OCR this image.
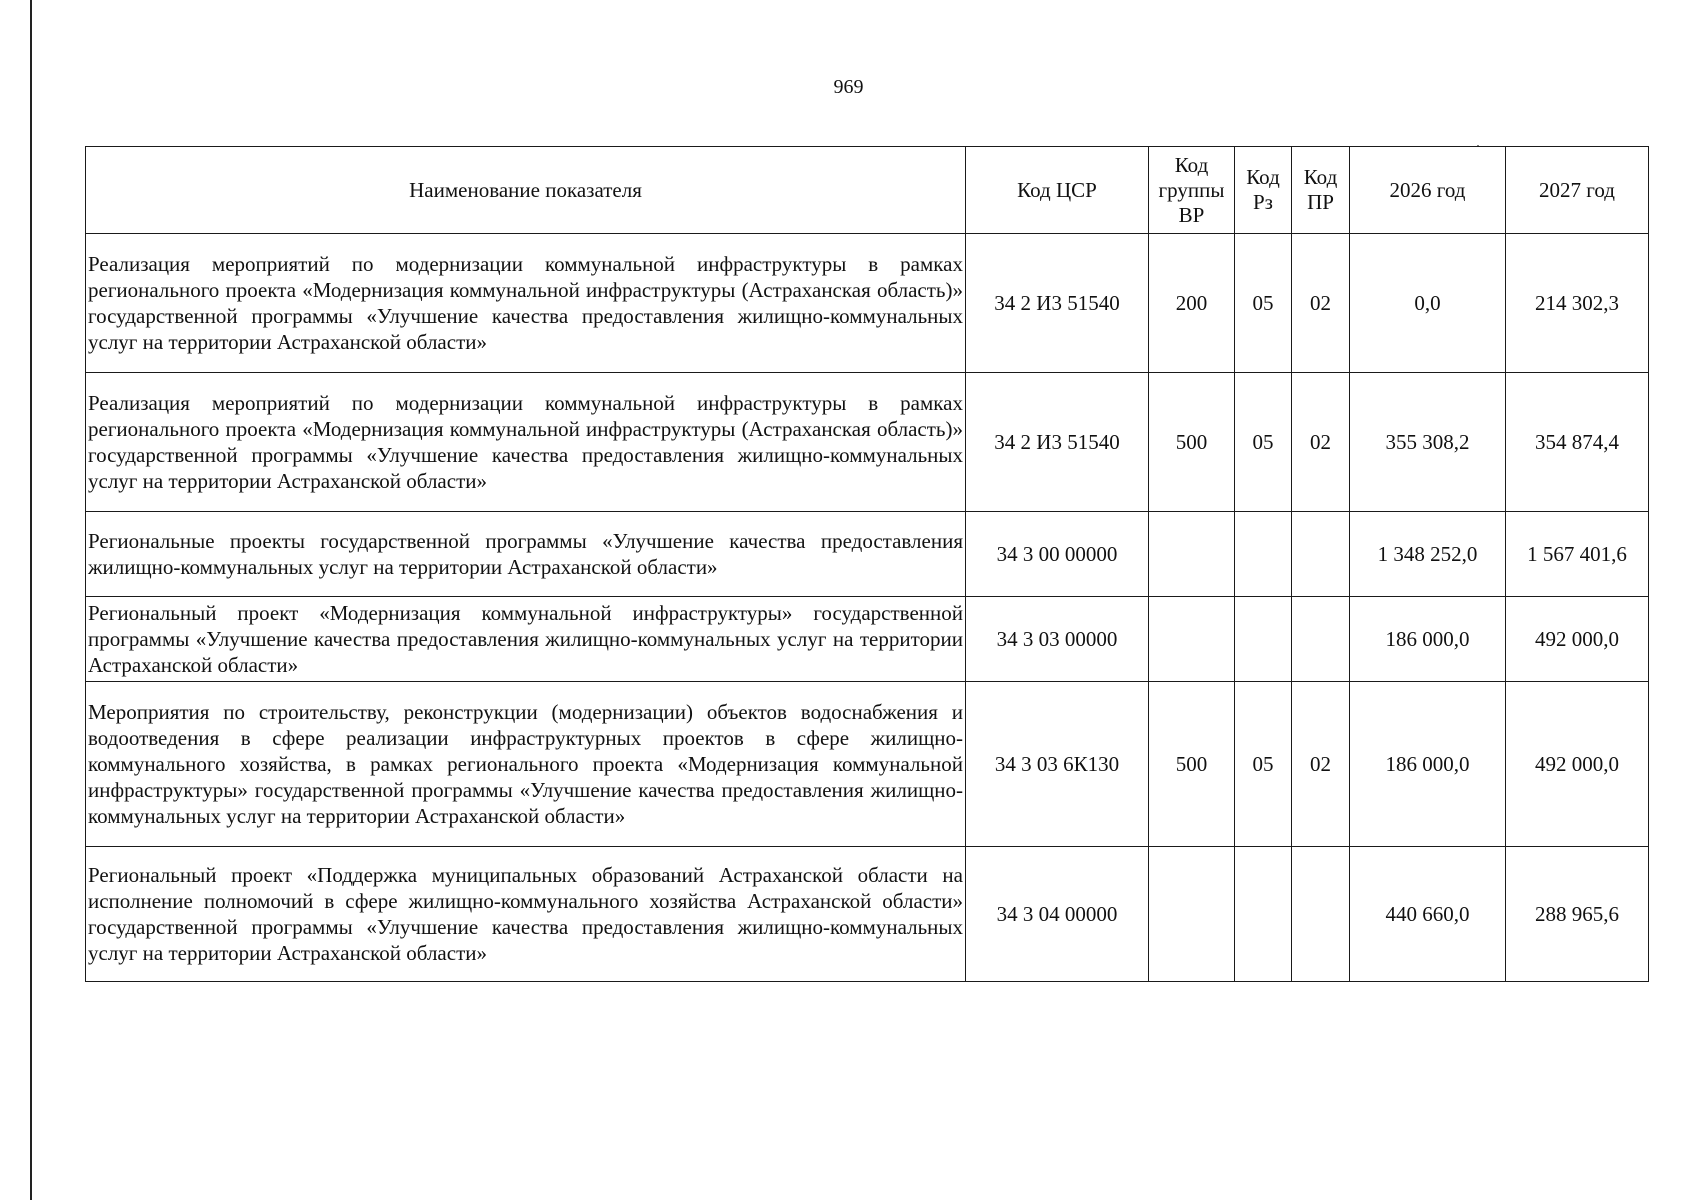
969
Наименование показателя	Код ЦСР	Код группы ВР	Код Рз	Код ПР	2026 год	2027 год
Реализация мероприятий по модернизации коммунальной инфраструктуры в рамках регионального проекта «Модернизация коммунальной инфраструктуры (Астраханская область)» государственной программы «Улучшение качества предоставления жилищно-коммунальных услуг на территории Астраханской области»	34 2 И3 51540	200	05	02	0,0	214 302,3
Реализация мероприятий по модернизации коммунальной инфраструктуры в рамках регионального проекта «Модернизация коммунальной инфраструктуры (Астраханская область)» государственной программы «Улучшение качества предоставления жилищно-коммунальных услуг на территории Астраханской области»	34 2 И3 51540	500	05	02	355 308,2	354 874,4
Региональные проекты государственной программы «Улучшение качества предоставления жилищно-коммунальных услуг на территории Астраханской области»	34 3 00 00000				1 348 252,0	1 567 401,6
Региональный проект «Модернизация коммунальной инфраструктуры» государственной программы «Улучшение качества предоставления жилищно-коммунальных услуг на территории Астраханской области»	34 3 03 00000				186 000,0	492 000,0
Мероприятия по строительству, реконструкции (модернизации) объектов водоснабжения и водоотведения в сфере реализации инфраструктурных проектов в сфере жилищно-коммунального хозяйства, в рамках регионального проекта «Модернизация коммунальной инфраструктуры» государственной программы «Улучшение качества предоставления жилищно-коммунальных услуг на территории Астраханской области»	34 3 03 6К130	500	05	02	186 000,0	492 000,0
Региональный проект «Поддержка муниципальных образований Астраханской области на исполнение полномочий в сфере жилищно-коммунального хозяйства Астраханской области» государственной программы «Улучшение качества предоставления жилищно-коммунальных услуг на территории Астраханской области»	34 3 04 00000				440 660,0	288 965,6
